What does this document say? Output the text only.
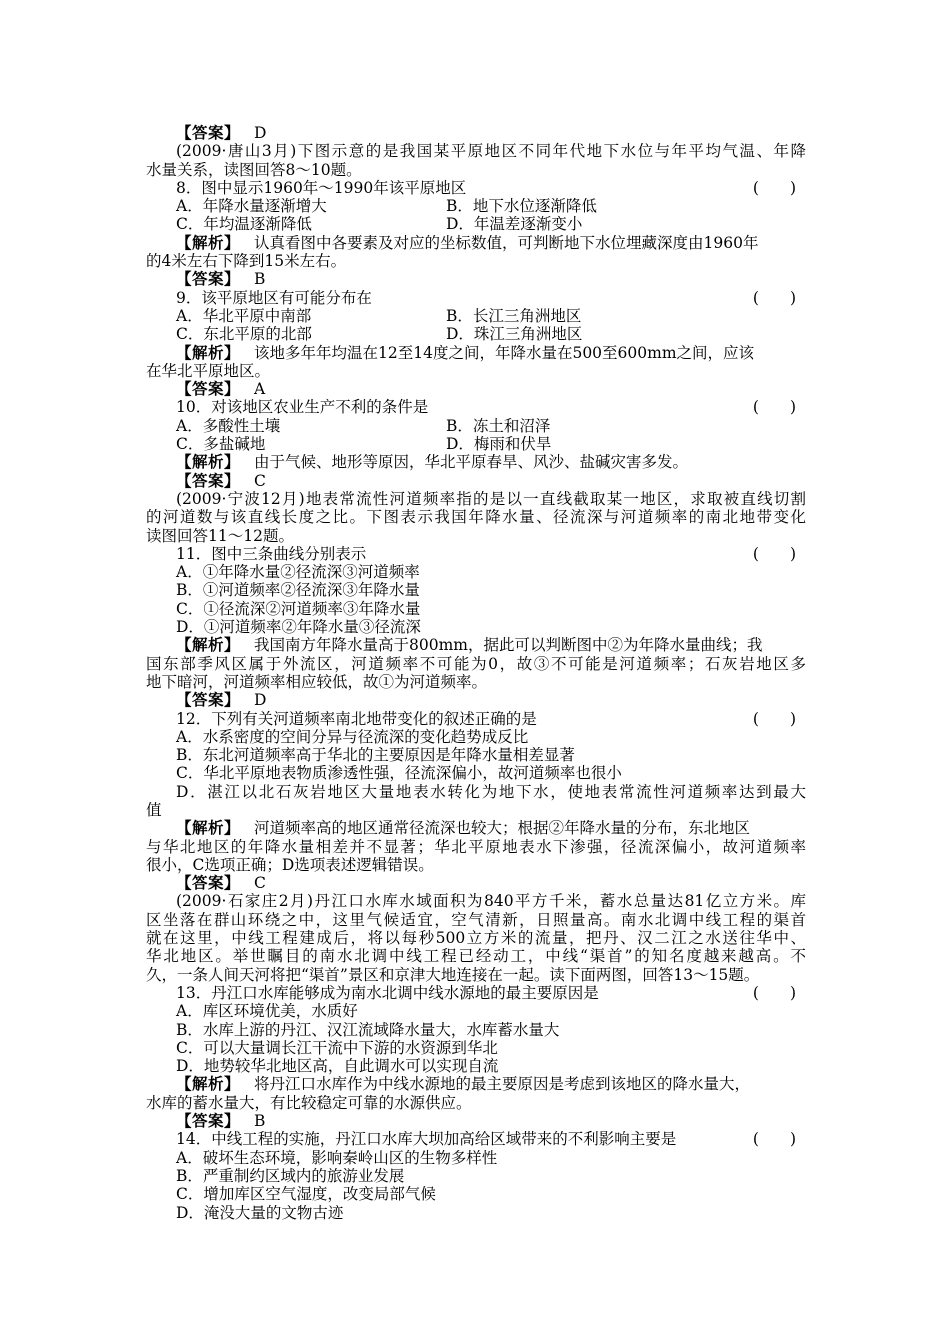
【答案】 D
(2009·唐山3月)下图示意的是我国某平原地区不同年代地下水位与年平均气温、年降
水量关系，读图回答8～10题。
8．图中显示1960年～1990年该平原地区	(　　)
A．年降水量逐渐增大	B．地下水位逐渐降低
C．年均温逐渐降低	D．年温差逐渐变小
【解析】 认真看图中各要素及对应的坐标数值，可判断地下水位埋藏深度由1960年
的4米左右下降到15米左右。
【答案】 B
9．该平原地区有可能分布在	(　　)
A．华北平原中南部	B．长江三角洲地区
C．东北平原的北部	D．珠江三角洲地区
【解析】 该地多年年均温在12至14度之间，年降水量在500至600mm之间，应该
在华北平原地区。
【答案】 A
10．对该地区农业生产不利的条件是	(　　)
A．多酸性土壤	B．冻土和沼泽
C．多盐碱地	D．梅雨和伏旱
【解析】 由于气候、地形等原因，华北平原春旱、风沙、盐碱灾害多发。
【答案】 C
(2009·宁波12月)地表常流性河道频率指的是以一直线截取某一地区，求取被直线切割
的河道数与该直线长度之比。下图表示我国年降水量、径流深与河道频率的南北地带变化
读图回答11～12题。
11．图中三条曲线分别表示	(　　)
A．①年降水量②径流深③河道频率
B．①河道频率②径流深③年降水量
C．①径流深②河道频率③年降水量
D．①河道频率②年降水量③径流深
【解析】 我国南方年降水量高于800mm，据此可以判断图中②为年降水量曲线；我
国东部季风区属于外流区，河道频率不可能为0，故③不可能是河道频率；石灰岩地区多
地下暗河，河道频率相应较低，故①为河道频率。
【答案】 D
12．下列有关河道频率南北地带变化的叙述正确的是	(　　)
A．水系密度的空间分异与径流深的变化趋势成反比
B．东北河道频率高于华北的主要原因是年降水量相差显著
C．华北平原地表物质渗透性强，径流深偏小，故河道频率也很小
D．湛江以北石灰岩地区大量地表水转化为地下水，使地表常流性河道频率达到最大
值
【解析】 河道频率高的地区通常径流深也较大；根据②年降水量的分布，东北地区
与华北地区的年降水量相差并不显著；华北平原地表水下渗强，径流深偏小，故河道频率
很小，C选项正确；D选项表述逻辑错误。
【答案】 C
(2009·石家庄2月)丹江口水库水域面积为840平方千米，蓄水总量达81亿立方米。库
区坐落在群山环绕之中，这里气候适宜，空气清新，日照量高。南水北调中线工程的渠首
就在这里，中线工程建成后，将以每秒500立方米的流量，把丹、汉二江之水送往华中、
华北地区。举世瞩目的南水北调中线工程已经动工，中线“渠首”的知名度越来越高。不
久，一条人间天河将把“渠首”景区和京津大地连接在一起。读下面两图，回答13～15题。
13．丹江口水库能够成为南水北调中线水源地的最主要原因是	(　　)
A．库区环境优美，水质好
B．水库上游的丹江、汉江流域降水量大，水库蓄水量大
C．可以大量调长江干流中下游的水资源到华北
D．地势较华北地区高，自此调水可以实现自流
【解析】 将丹江口水库作为中线水源地的最主要原因是考虑到该地区的降水量大，
水库的蓄水量大，有比较稳定可靠的水源供应。
【答案】 B
14．中线工程的实施，丹江口水库大坝加高给区域带来的不利影响主要是	(　　)
A．破坏生态环境，影响秦岭山区的生物多样性
B．严重制约区域内的旅游业发展
C．增加库区空气湿度，改变局部气候
D．淹没大量的文物古迹
